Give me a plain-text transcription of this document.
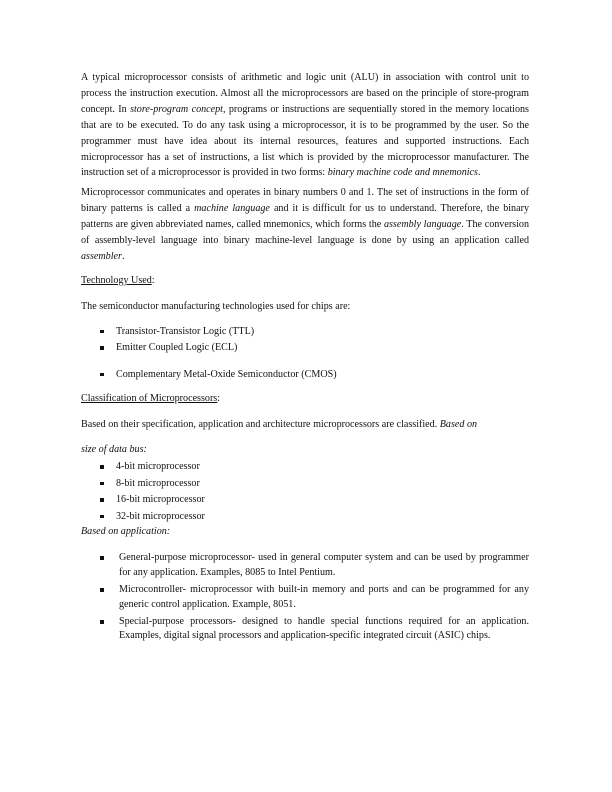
A typical microprocessor consists of arithmetic and logic unit (ALU) in association with control unit to process the instruction execution. Almost all the microprocessors are based on the principle of store-program concept. In store-program concept, programs or instructions are sequentially stored in the memory locations that are to be executed. To do any task using a microprocessor, it is to be programmed by the user. So the programmer must have idea about its internal resources, features and supported instructions. Each microprocessor has a set of instructions, a list which is provided by the microprocessor manufacturer. The instruction set of a microprocessor is provided in two forms: binary machine code and mnemonics.

Microprocessor communicates and operates in binary numbers 0 and 1. The set of instructions in the form of binary patterns is called a machine language and it is difficult for us to understand. Therefore, the binary patterns are given abbreviated names, called mnemonics, which forms the assembly language. The conversion of assembly-level language into binary machine-level language is done by using an application called assembler.

Technology Used:

The semiconductor manufacturing technologies used for chips are:

Transistor-Transistor Logic (TTL)
Emitter Coupled Logic (ECL)
Complementary Metal-Oxide Semiconductor (CMOS)

Classification of Microprocessors:

Based on their specification, application and architecture microprocessors are classified. Based on

size of data bus:

4-bit microprocessor
8-bit microprocessor
16-bit microprocessor
32-bit microprocessor

Based on application:

General-purpose microprocessor- used in general computer system and can be used by programmer for any application. Examples, 8085 to Intel Pentium.
Microcontroller- microprocessor with built-in memory and ports and can be programmed for any generic control application. Example, 8051.
Special-purpose processors- designed to handle special functions required for an application. Examples, digital signal processors and application-specific integrated circuit (ASIC) chips.
